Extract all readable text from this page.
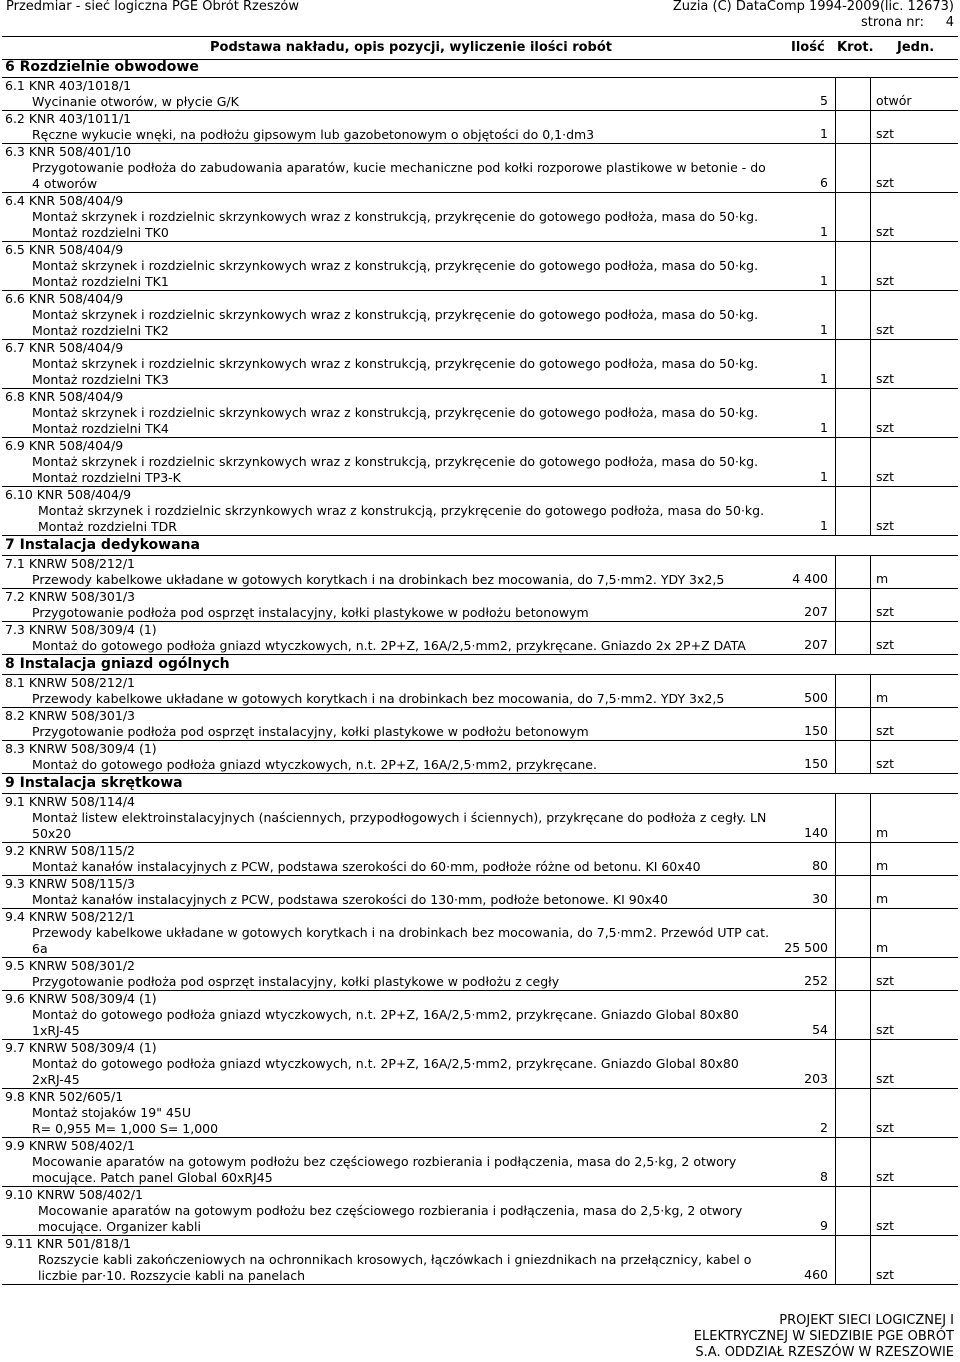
Przedmiar - sieć logiczna PGE Obrót Rzeszów	Zuzia (C) DataComp 1994-2009(lic. 12673)
strona nr: 4
Podstawa nakładu, opis pozycji, wyliczenie ilości robót	Ilość Krot. Jedn.
6 Rozdzielnie obwodowe
6.1 KNR 403/1018/1
Wycinanie otworów, w płycie G/K	5	otwór
6.2 KNR 403/1011/1
Ręczne wykucie wnęki, na podłożu gipsowym lub gazobetonowym o objętości do 0,1·dm3	1	szt
6.3 KNR 508/401/10
Przygotowanie podłoża do zabudowania aparatów, kucie mechaniczne pod kołki rozporowe plastikowe w betonie - do 4 otworów	6	szt
6.4 KNR 508/404/9
Montaż skrzynek i rozdzielnic skrzynkowych wraz z konstrukcją, przykręcenie do gotowego podłoża, masa do 50·kg. Montaż rozdzielni TK0	1	szt
6.5 KNR 508/404/9
Montaż skrzynek i rozdzielnic skrzynkowych wraz z konstrukcją, przykręcenie do gotowego podłoża, masa do 50·kg. Montaż rozdzielni TK1	1	szt
6.6 KNR 508/404/9
Montaż skrzynek i rozdzielnic skrzynkowych wraz z konstrukcją, przykręcenie do gotowego podłoża, masa do 50·kg. Montaż rozdzielni TK2	1	szt
6.7 KNR 508/404/9
Montaż skrzynek i rozdzielnic skrzynkowych wraz z konstrukcją, przykręcenie do gotowego podłoża, masa do 50·kg. Montaż rozdzielni TK3	1	szt
6.8 KNR 508/404/9
Montaż skrzynek i rozdzielnic skrzynkowych wraz z konstrukcją, przykręcenie do gotowego podłoża, masa do 50·kg. Montaż rozdzielni TK4	1	szt
6.9 KNR 508/404/9
Montaż skrzynek i rozdzielnic skrzynkowych wraz z konstrukcją, przykręcenie do gotowego podłoża, masa do 50·kg. Montaż rozdzielni TP3-K	1	szt
6.10 KNR 508/404/9
Montaż skrzynek i rozdzielnic skrzynkowych wraz z konstrukcją, przykręcenie do gotowego podłoża, masa do 50·kg. Montaż rozdzielni TDR	1	szt
7 Instalacja dedykowana
7.1 KNRW 508/212/1
Przewody kabelkowe układane w gotowych korytkach i na drobinkach bez mocowania, do 7,5·mm2. YDY 3x2,5	4 400	m
7.2 KNRW 508/301/3
Przygotowanie podłoża pod osprzęt instalacyjny, kołki plastykowe w podłożu betonowym	207	szt
7.3 KNRW 508/309/4 (1)
Montaż do gotowego podłoża gniazd wtyczkowych, n.t. 2P+Z, 16A/2,5·mm2, przykręcane. Gniazdo 2x 2P+Z DATA	207	szt
8 Instalacja gniazd ogólnych
8.1 KNRW 508/212/1
Przewody kabelkowe układane w gotowych korytkach i na drobinkach bez mocowania, do 7,5·mm2. YDY 3x2,5	500	m
8.2 KNRW 508/301/3
Przygotowanie podłoża pod osprzęt instalacyjny, kołki plastykowe w podłożu betonowym	150	szt
8.3 KNRW 508/309/4 (1)
Montaż do gotowego podłoża gniazd wtyczkowych, n.t. 2P+Z, 16A/2,5·mm2, przykręcane.	150	szt
9 Instalacja skrętkowa
9.1 KNRW 508/114/4
Montaż listew elektroinstalacyjnych (naściennych, przypodłogowych i ściennych), przykręcane do podłoża z cegły. LN 50x20	140	m
9.2 KNRW 508/115/2
Montaż kanałów instalacyjnych z PCW, podstawa szerokości do 60·mm, podłoże różne od betonu. KI 60x40	80	m
9.3 KNRW 508/115/3
Montaż kanałów instalacyjnych z PCW, podstawa szerokości do 130·mm, podłoże betonowe. KI 90x40	30	m
9.4 KNRW 508/212/1
Przewody kabelkowe układane w gotowych korytkach i na drobinkach bez mocowania, do 7,5·mm2. Przewód UTP cat. 6a	25 500	m
9.5 KNRW 508/301/2
Przygotowanie podłoża pod osprzęt instalacyjny, kołki plastykowe w podłożu z cegły	252	szt
9.6 KNRW 508/309/4 (1)
Montaż do gotowego podłoża gniazd wtyczkowych, n.t. 2P+Z, 16A/2,5·mm2, przykręcane. Gniazdo Global 80x80 1xRJ-45	54	szt
9.7 KNRW 508/309/4 (1)
Montaż do gotowego podłoża gniazd wtyczkowych, n.t. 2P+Z, 16A/2,5·mm2, przykręcane. Gniazdo Global 80x80 2xRJ-45	203	szt
9.8 KNR 502/605/1
Montaż stojaków 19" 45U
R= 0,955 M= 1,000 S= 1,000	2	szt
9.9 KNRW 508/402/1
Mocowanie aparatów na gotowym podłożu bez częściowego rozbierania i podłączenia, masa do 2,5·kg, 2 otwory mocujące. Patch panel Global 60xRJ45	8	szt
9.10 KNRW 508/402/1
Mocowanie aparatów na gotowym podłożu bez częściowego rozbierania i podłączenia, masa do 2,5·kg, 2 otwory mocujące. Organizer kabli	9	szt
9.11 KNR 501/818/1
Rozszycie kabli zakończeniowych na ochronnikach krosowych, łączówkach i gniezdnikach na przełącznicy, kabel o liczbie par·10. Rozszycie kabli na panelach	460	szt
PROJEKT SIECI LOGICZNEJ I
ELEKTRYCZNEJ W SIEDZIBIE PGE OBRÓT
S.A. ODDZIAŁ RZESZÓW W RZESZOWIE
